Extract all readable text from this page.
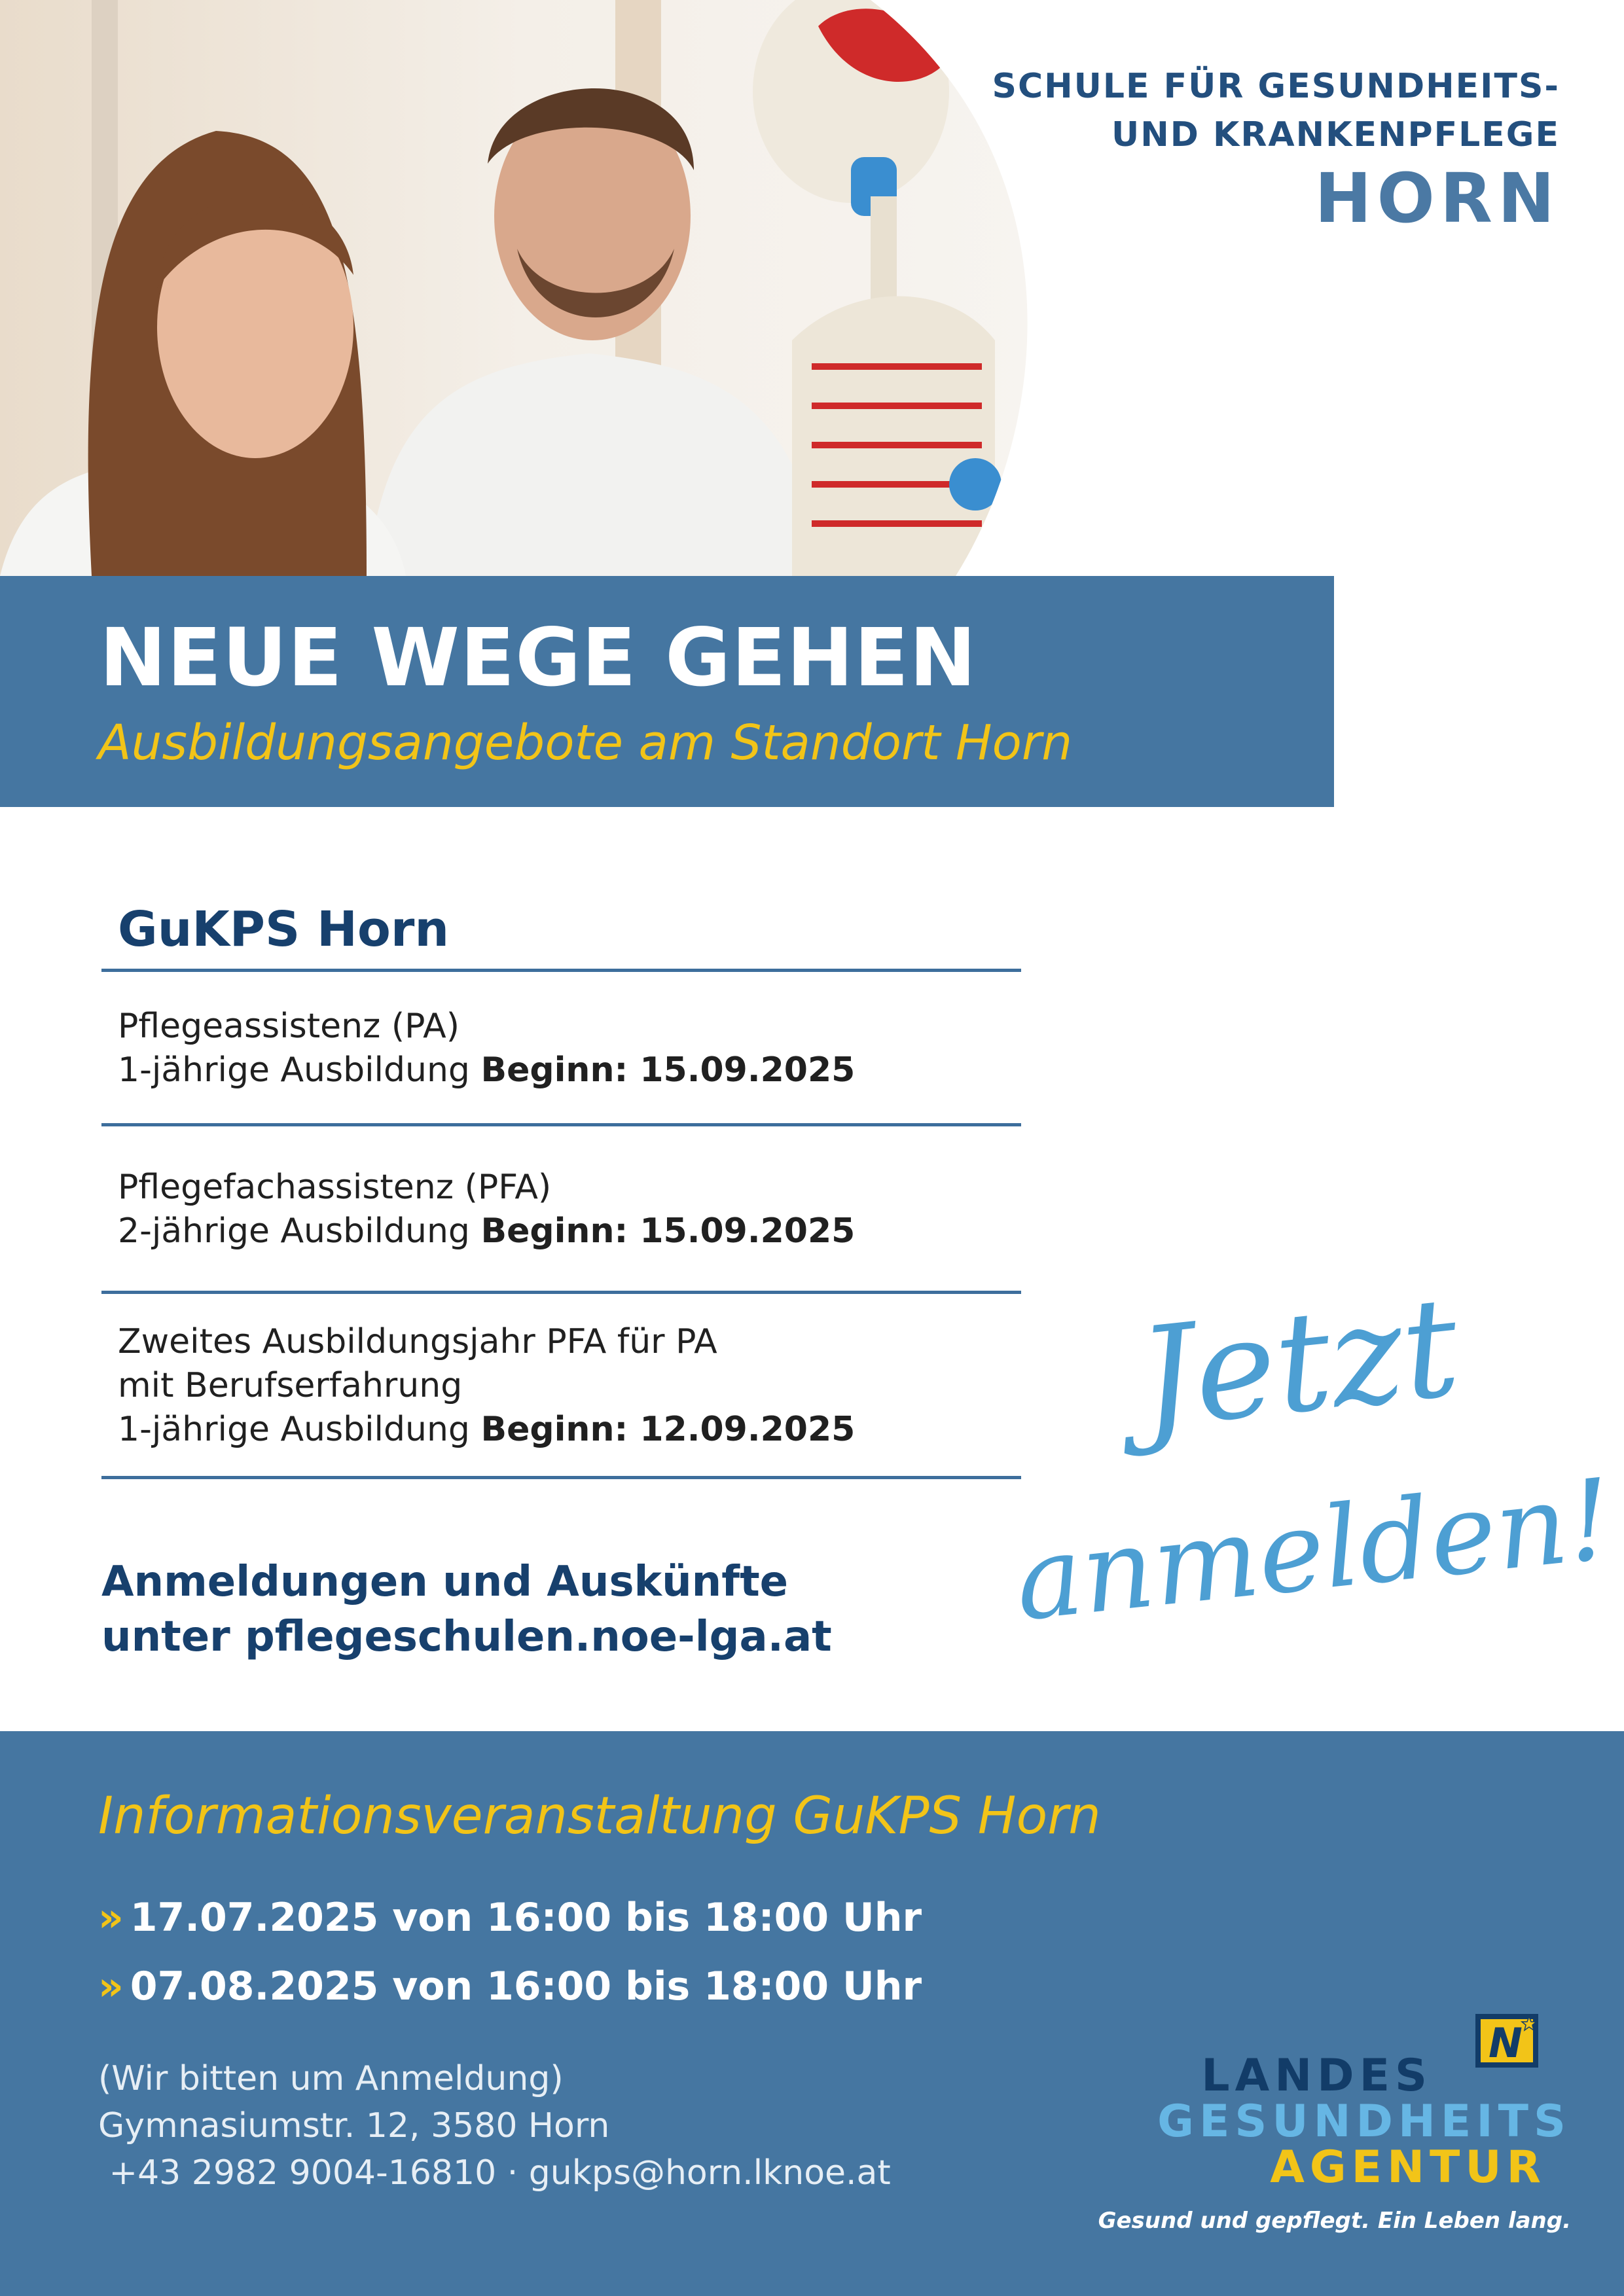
SCHULE FÜR GESUNDHEITS-
UND KRANKENPFLEGE
HORN
NEUE WEGE GEHEN
Ausbildungsangebote am Standort Horn
GuKPS Horn
Pflegeassistenz (PA)
1-jährige Ausbildung Beginn: 15.09.2025
Pflegefachassistenz (PFA)
2-jährige Ausbildung Beginn: 15.09.2025
Zweites Ausbildungsjahr PFA für PA
mit Berufserfahrung
1-jährige Ausbildung Beginn: 12.09.2025
Anmeldungen und Auskünfte
unter pflegeschulen.noe-lga.at
Jetzt
anmelden!
Informationsveranstaltung GuKPS Horn
» 17.07.2025 von 16:00 bis 18:00 Uhr
» 07.08.2025 von 16:00 bis 18:00 Uhr
(Wir bitten um Anmeldung)
Gymnasiumstr. 12, 3580 Horn
+43 2982 9004-16810 · gukps@horn.lknoe.at
N
LANDES
GESUNDHEITS
AGENTUR
Gesund und gepflegt. Ein Leben lang.
